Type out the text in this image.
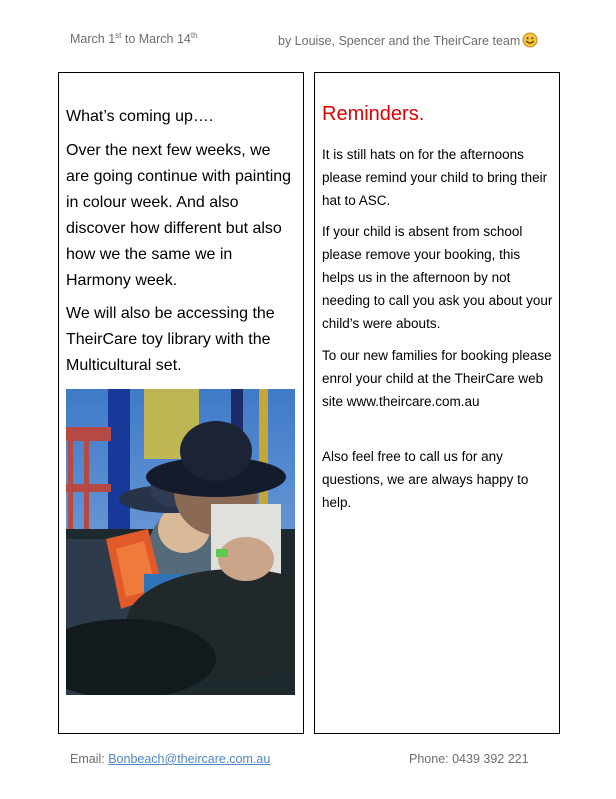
March 1st to March 14th	by Louise, Spencer and the TheirCare team
What’s coming up….
Over the next few weeks, we are going continue with painting in colour week. And also discover how different but also how we the same we in Harmony week.
We will also be accessing the TheirCare toy library with the Multicultural set.
Reminders.
It is still hats on for the afternoons please remind your child to bring their hat to ASC.
If your child is absent from school please remove your booking, this helps us in the afternoon by not needing to call you ask you about your child’s were abouts.
To our new families for booking please enrol your child at the TheirCare web site www.theircare.com.au
Also feel free to call us for any questions, we are always happy to help.
Email: Bonbeach@theircare.com.au	Phone: 0439 392 221
